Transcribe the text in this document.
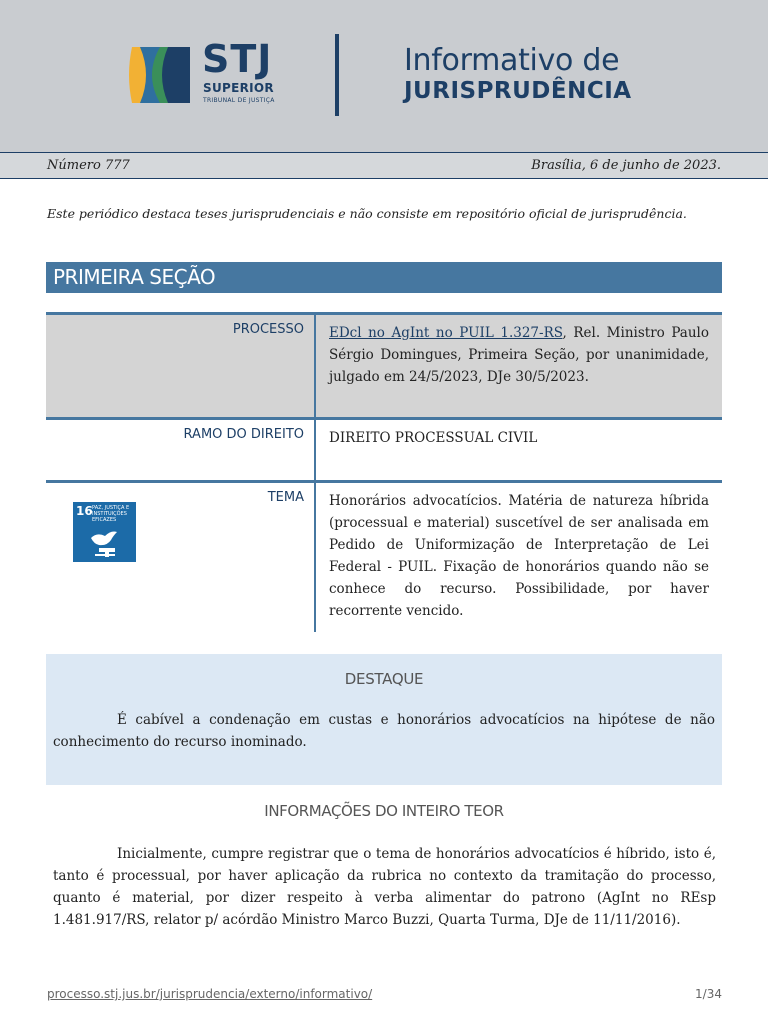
STJ
SUPERIOR
TRIBUNAL DE JUSTIÇA
Informativo de
JURISPRUDÊNCIA
Número 777	Brasília, 6 de junho de 2023.
Este periódico destaca teses jurisprudenciais e não consiste em repositório oficial de jurisprudência.
PRIMEIRA SEÇÃO
PROCESSO EDcl no AgInt no PUIL 1.327-RS, Rel. Ministro Paulo Sérgio Domingues, Primeira Seção, por unanimidade, julgado em 24/5/2023, DJe 30/5/2023.
RAMO DO DIREITO DIREITO PROCESSUAL CIVIL
16 PAZ, JUSTIÇA E
INSTITUIÇÕES
EFICAZES
TEMA Honorários advocatícios. Matéria de natureza híbrida (processual e material) suscetível de ser analisada em Pedido de Uniformização de Interpretação de Lei Federal - PUIL. Fixação de honorários quando não se conhece do recurso. Possibilidade, por haver recorrente vencido.
DESTAQUE
É cabível a condenação em custas e honorários advocatícios na hipótese de não conhecimento do recurso inominado.
INFORMAÇÕES DO INTEIRO TEOR
Inicialmente, cumpre registrar que o tema de honorários advocatícios é híbrido, isto é, tanto é processual, por haver aplicação da rubrica no contexto da tramitação do processo, quanto é material, por dizer respeito à verba alimentar do patrono (AgInt no REsp 1.481.917/RS, relator p/ acórdão Ministro Marco Buzzi, Quarta Turma, DJe de 11/11/2016).
processo.stj.jus.br/jurisprudencia/externo/informativo/	1/34
